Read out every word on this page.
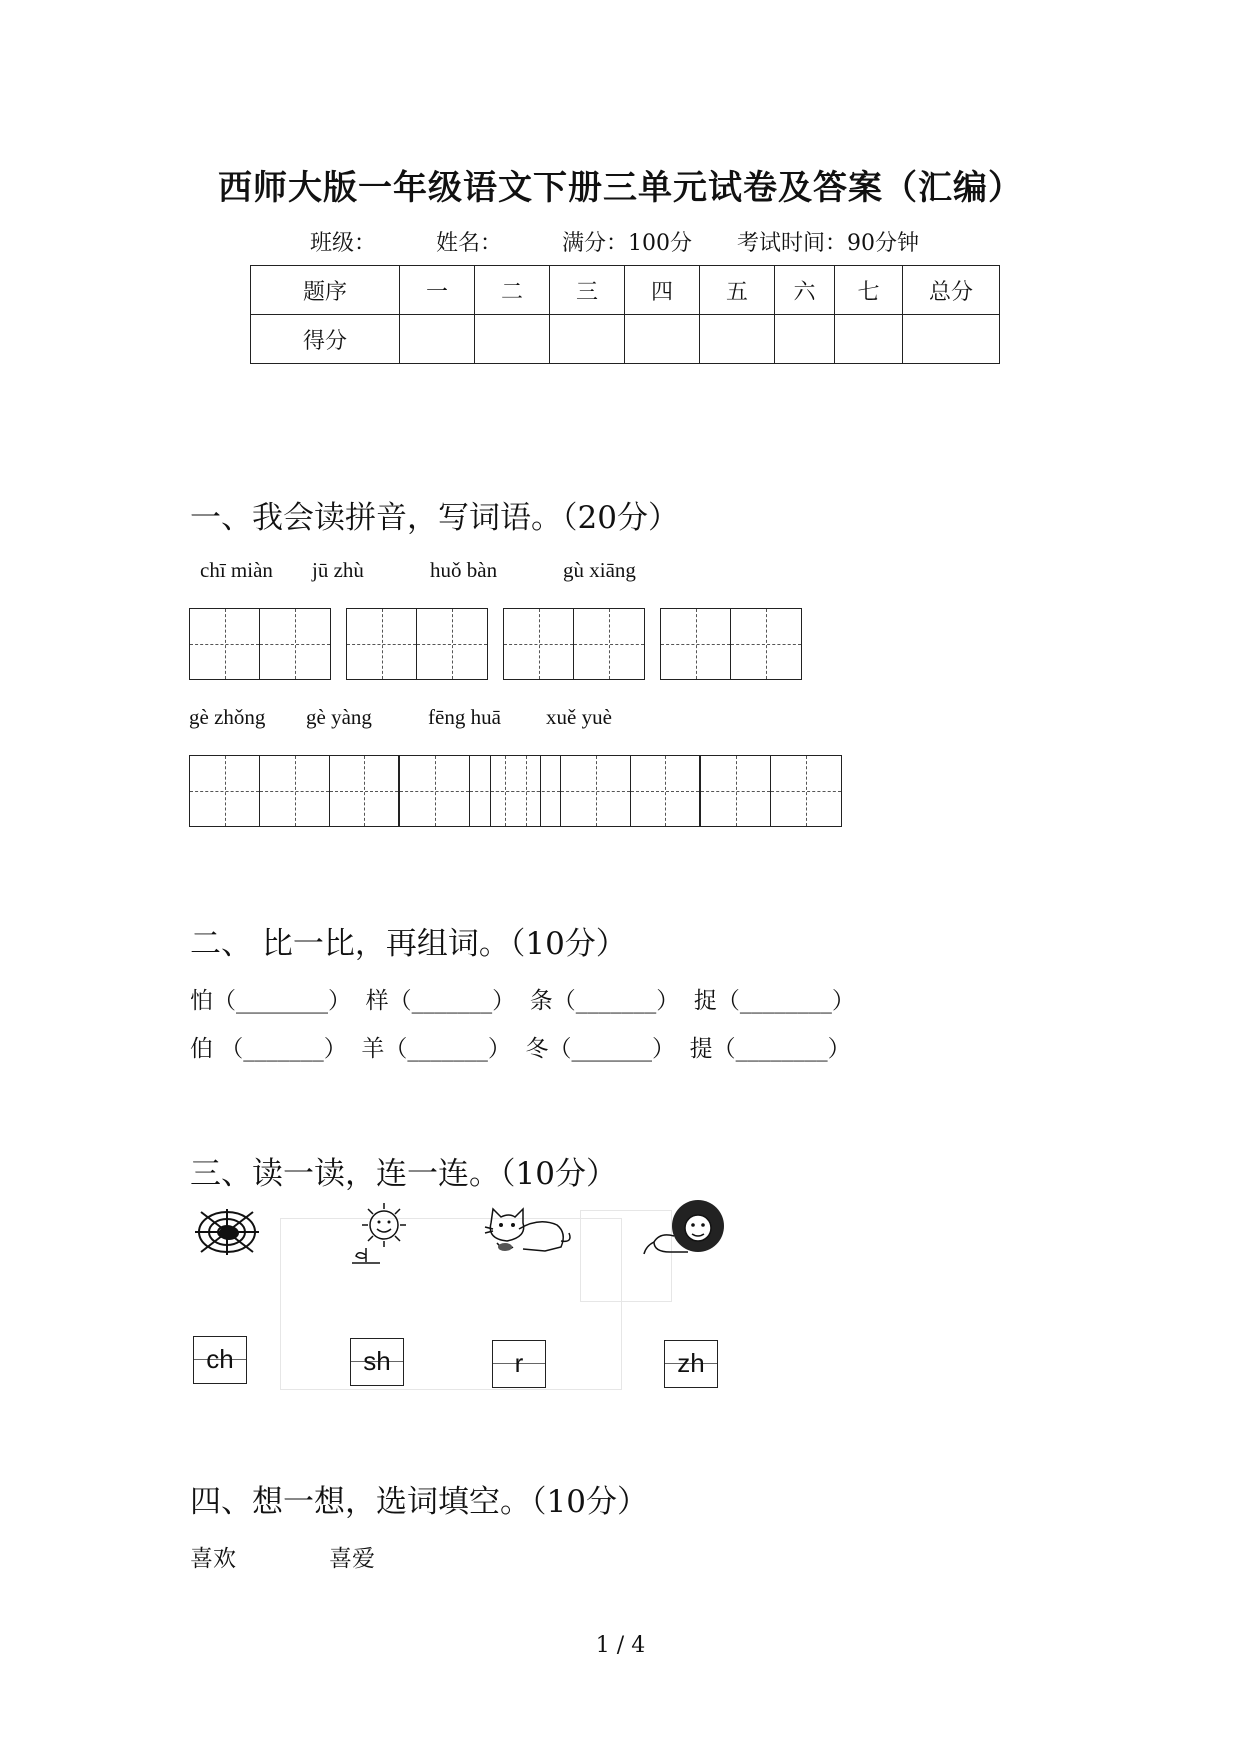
西师大版一年级语文下册三单元试卷及答案（汇编）
班级：	姓名：	满分：100分 考试时间：90分钟
题序	一	二	三	四	五	六	七	总分
得分								
一、我会读拼音，写词语。（20分）
chī miàn jū zhù	huǒ bàn	gù xiāng
gè zhǒng gè yàng	fēng huā xuě yuè
二、 比一比，再组词。（10分）
怕（________）  样（_______）  条（_______）  捉（________）
伯 （_______）  羊（_______）  冬（_______）  提（________）
三、读一读，连一连。（10分）
ch	sh	r	zh
四、想一想，选词填空。（10分）
喜欢	喜爱
1 / 4
